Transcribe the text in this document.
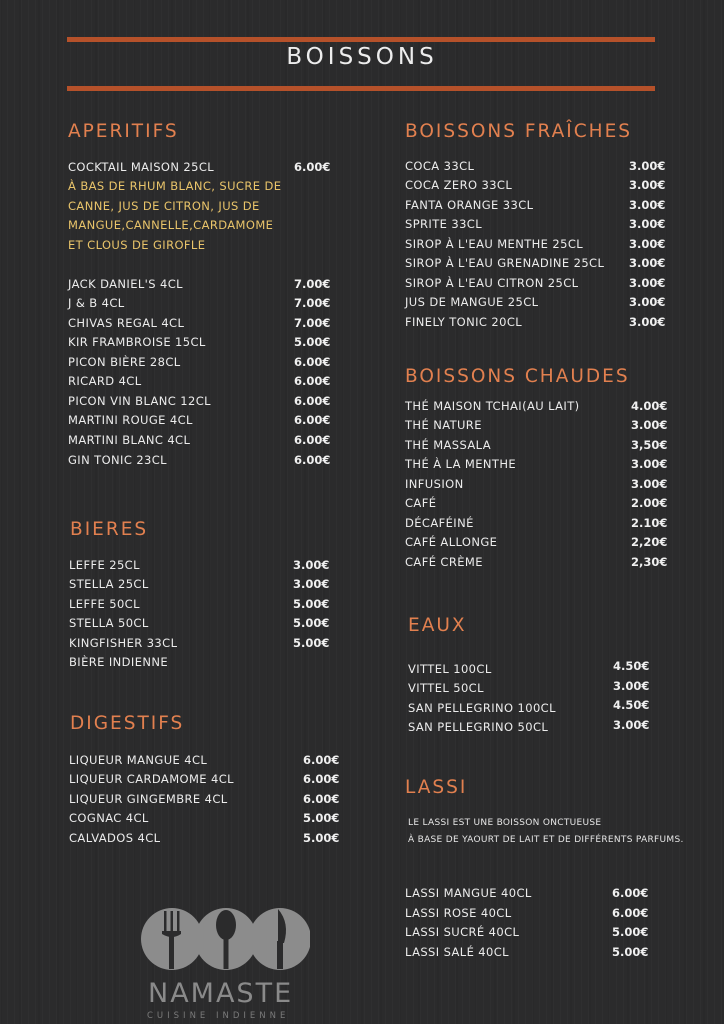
BOISSONS
APERITIFS
COCKTAIL MAISON 25CL	6.00€
À BAS DE RHUM BLANC, SUCRE DE
CANNE, JUS DE CITRON, JUS DE
MANGUE,CANNELLE,CARDAMOME
ET CLOUS DE GIROFLE
JACK DANIEL'S 4CL	7.00€
J & B 4CL	7.00€
CHIVAS REGAL 4CL	7.00€
KIR FRAMBROISE 15CL	5.00€
PICON BIÈRE 28CL	6.00€
RICARD 4CL	6.00€
PICON VIN BLANC 12CL	6.00€
MARTINI ROUGE 4CL	6.00€
MARTINI BLANC 4CL	6.00€
GIN TONIC 23CL	6.00€
BIERES
LEFFE 25CL	3.00€
STELLA 25CL	3.00€
LEFFE 50CL	5.00€
STELLA 50CL	5.00€
KINGFISHER 33CL	5.00€
BIÈRE INDIENNE
DIGESTIFS
LIQUEUR MANGUE 4CL	6.00€
LIQUEUR CARDAMOME 4CL	6.00€
LIQUEUR GINGEMBRE 4CL	6.00€
COGNAC 4CL	5.00€
CALVADOS 4CL	5.00€
BOISSONS FRAÎCHES
COCA 33CL	3.00€
COCA ZERO 33CL	3.00€
FANTA ORANGE 33CL	3.00€
SPRITE 33CL	3.00€
SIROP À L'EAU MENTHE 25CL	3.00€
SIROP À L'EAU GRENADINE 25CL 3.00€
SIROP À L'EAU CITRON 25CL	3.00€
JUS DE MANGUE 25CL	3.00€
FINELY TONIC 20CL	3.00€
BOISSONS CHAUDES
THÉ MAISON TCHAI(AU LAIT)	4.00€
THÉ NATURE	3.00€
THÉ MASSALA	3,50€
THÉ À LA MENTHE	3.00€
INFUSION	3.00€
CAFÉ	2.00€
DÉCAFÉINÉ	2.10€
CAFÉ ALLONGE	2,20€
CAFÉ CRÈME	2,30€
EAUX
VITTEL 100CL	4.50€
VITTEL 50CL	3.00€
SAN PELLEGRINO 100CL	4.50€
SAN PELLEGRINO 50CL	3.00€
LASSI
LE LASSI EST UNE BOISSON ONCTUEUSE
À BASE DE YAOURT DE LAIT ET DE DIFFÉRENTS PARFUMS.
LASSI MANGUE 40CL	6.00€
LASSI ROSE 40CL	6.00€
LASSI SUCRÉ 40CL	5.00€
LASSI SALÉ 40CL	5.00€
NAMASTE
CUISINE INDIENNE
